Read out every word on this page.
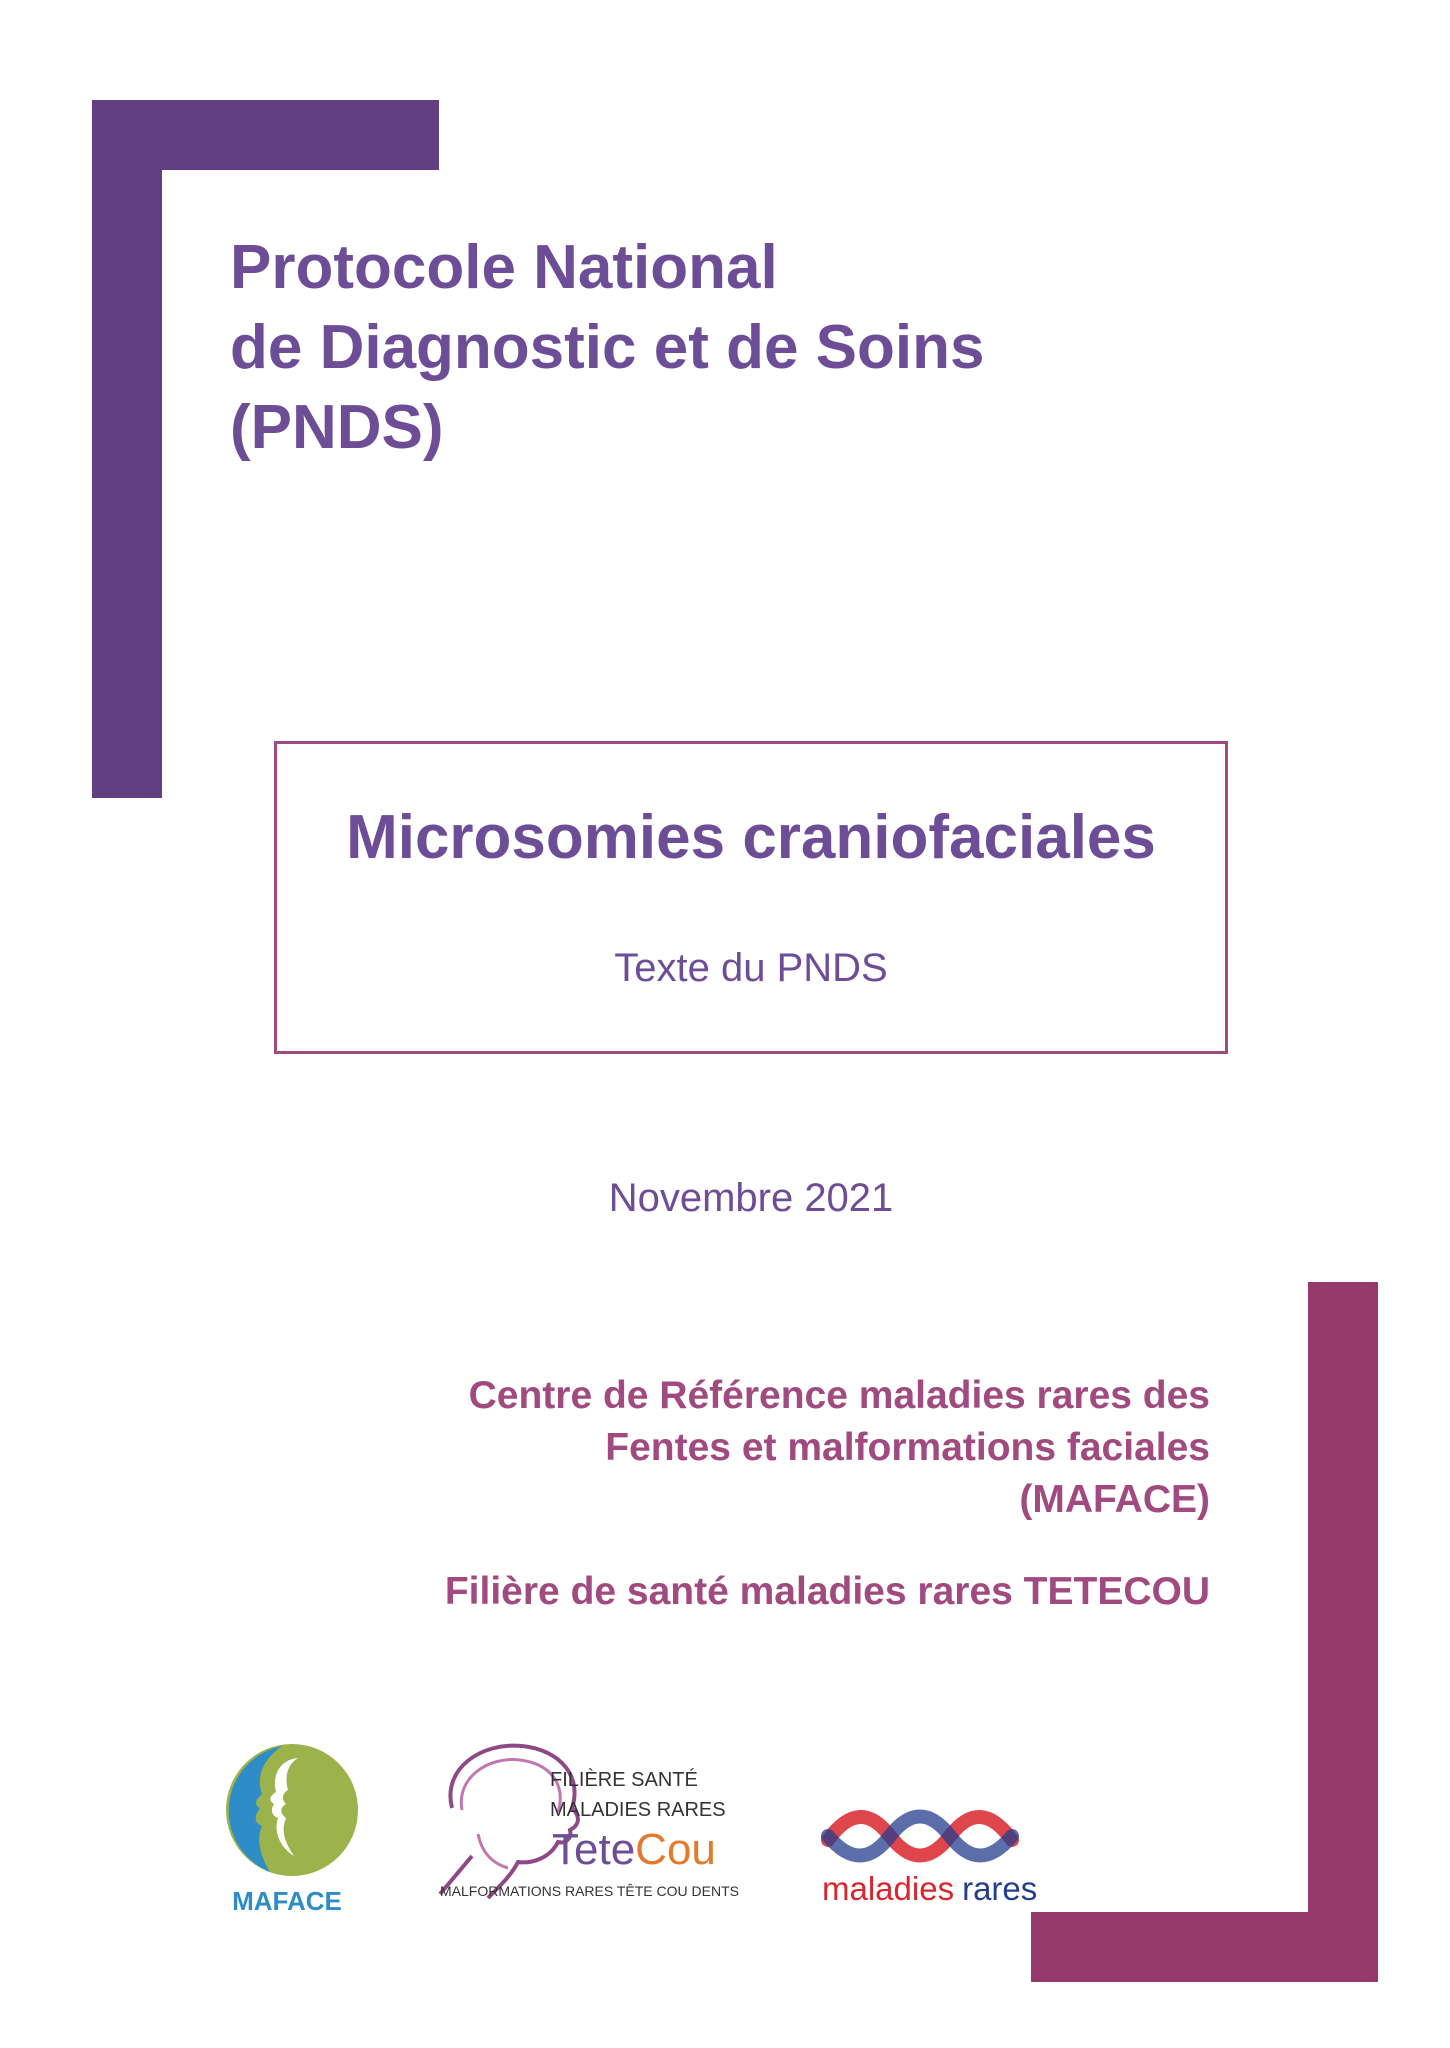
Protocole National
de Diagnostic et de Soins
(PNDS)
Microsomies craniofaciales
Texte du PNDS
Novembre 2021
Centre de Référence maladies rares des
Fentes et malformations faciales
(MAFACE)
Filière de santé maladies rares TETECOU
MAFACE
FILIÈRE SANTÉ
MALADIES RARES
TeteCou
MALFORMATIONS RARES TÊTE COU DENTS	maladies rares
